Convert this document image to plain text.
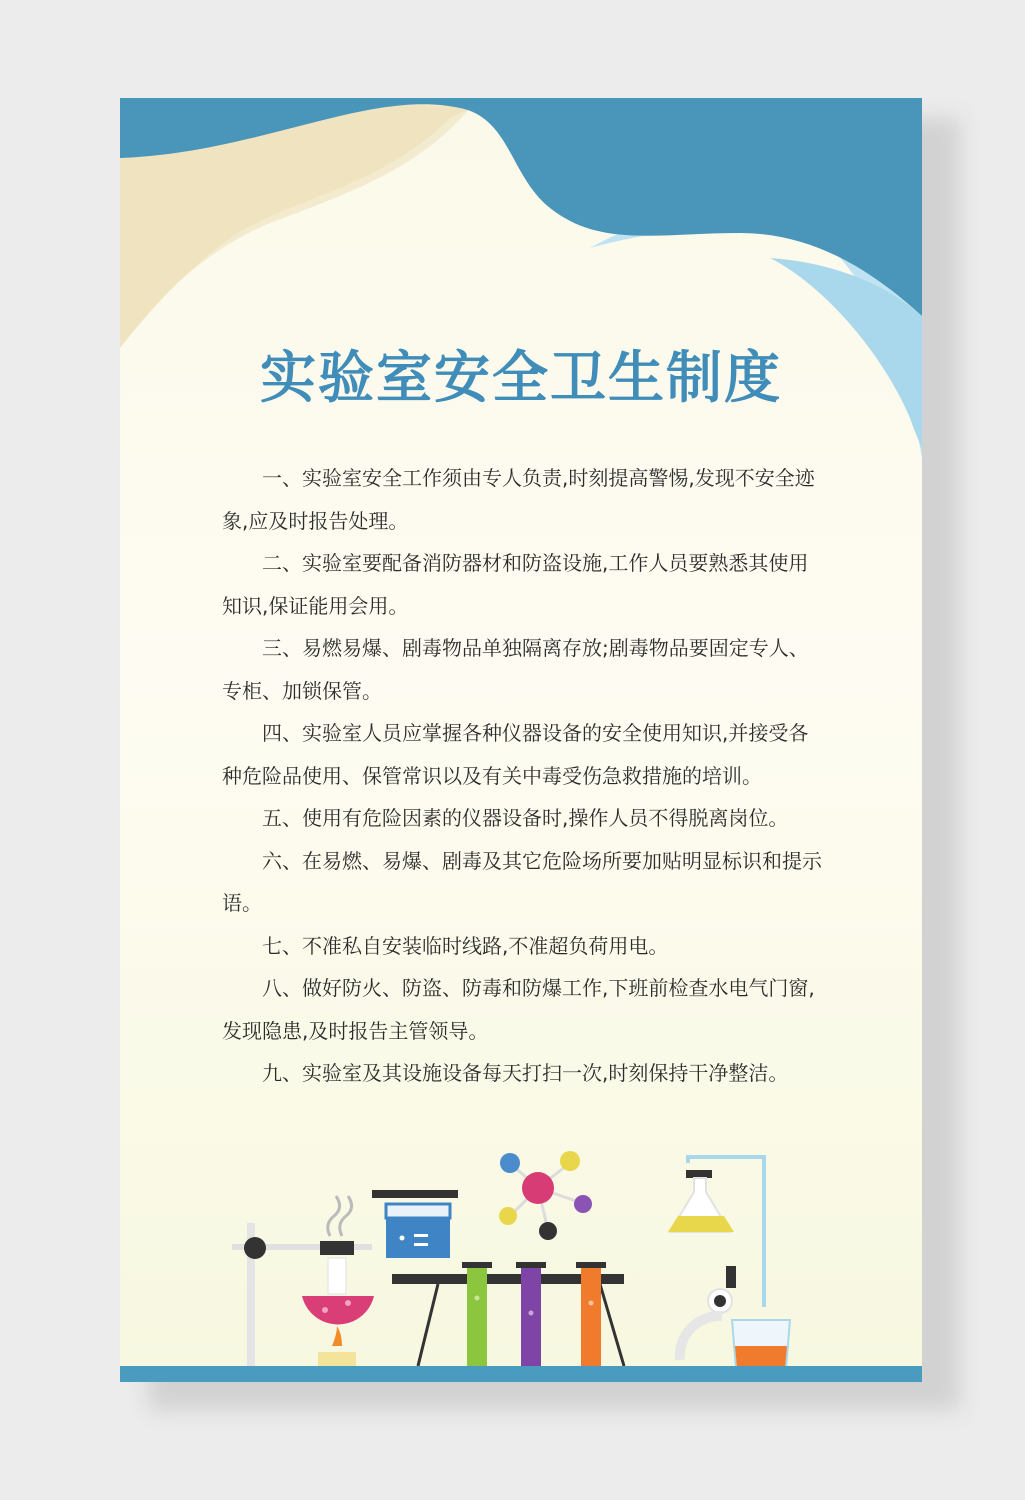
实验室安全卫生制度

一、实验室安全工作须由专人负责,时刻提高警惕,发现不安全迹象,应及时报告处理。

二、实验室要配备消防器材和防盗设施,工作人员要熟悉其使用知识,保证能用会用。

三、易燃易爆、剧毒物品单独隔离存放;剧毒物品要固定专人、专柜、加锁保管。

四、实验室人员应掌握各种仪器设备的安全使用知识,并接受各种危险品使用、保管常识以及有关中毒受伤急救措施的培训。

五、使用有危险因素的仪器设备时,操作人员不得脱离岗位。

六、在易燃、易爆、剧毒及其它危险场所要加贴明显标识和提示语。

七、不准私自安装临时线路,不准超负荷用电。

八、做好防火、防盗、防毒和防爆工作,下班前检查水电气门窗,发现隐患,及时报告主管领导。

九、实验室及其设施设备每天打扫一次,时刻保持干净整洁。
